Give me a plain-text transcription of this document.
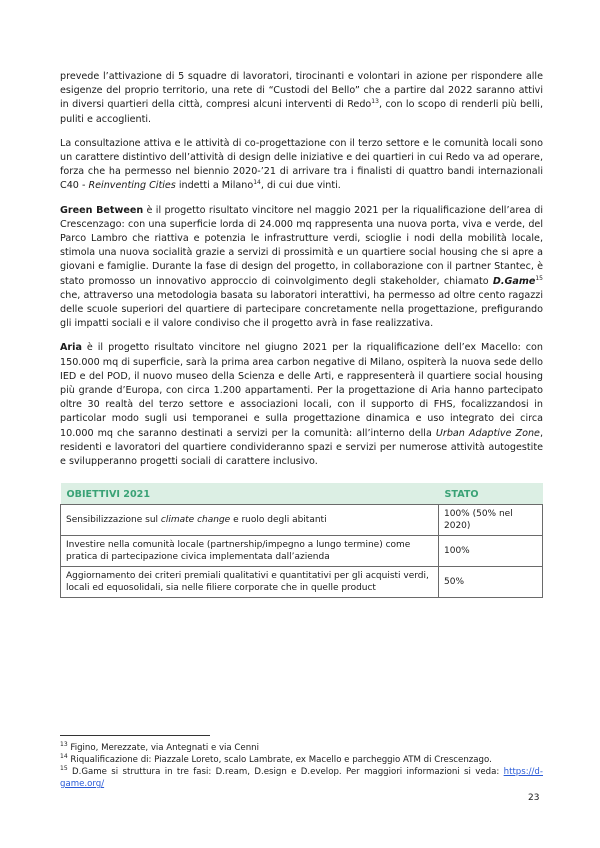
prevede l’attivazione di 5 squadre di lavoratori, tirocinanti e volontari in azione per rispondere alle esigenze del proprio territorio, una rete di “Custodi del Bello” che a partire dal 2022 saranno attivi in diversi quartieri della città, compresi alcuni interventi di Redo$^{13}$, con lo scopo di renderli più belli, puliti e accoglienti.

La consultazione attiva e le attività di co-progettazione con il terzo settore e le comunità locali sono un carattere distintivo dell’attività di design delle iniziative e dei quartieri in cui Redo va ad operare, forza che ha permesso nel biennio 2020-’21 di arrivare tra i finalisti di quattro bandi internazionali C40 - Reinventing Cities indetti a Milano$^{14}$, di cui due vinti.

Green Between è il progetto risultato vincitore nel maggio 2021 per la riqualificazione dell’area di Crescenzago: con una superficie lorda di 24.000 mq rappresenta una nuova porta, viva e verde, del Parco Lambro che riattiva e potenzia le infrastrutture verdi, scioglie i nodi della mobilità locale, stimola una nuova socialità grazie a servizi di prossimità e un quartiere social housing che si apre a giovani e famiglie. Durante la fase di design del progetto, in collaborazione con il partner Stantec, è stato promosso un innovativo approccio di coinvolgimento degli stakeholder, chiamato D.Game$^{15}$ che, attraverso una metodologia basata su laboratori interattivi, ha permesso ad oltre cento ragazzi delle scuole superiori del quartiere di partecipare concretamente nella progettazione, prefigurando gli impatti sociali e il valore condiviso che il progetto avrà in fase realizzativa.

Aria è il progetto risultato vincitore nel giugno 2021 per la riqualificazione dell’ex Macello: con 150.000 mq di superficie, sarà la prima area carbon negative di Milano, ospiterà la nuova sede dello IED e del POD, il nuovo museo della Scienza e delle Arti, e rappresenterà il quartiere social housing più grande d’Europa, con circa 1.200 appartamenti. Per la progettazione di Aria hanno partecipato oltre 30 realtà del terzo settore e associazioni locali, con il supporto di FHS, focalizzandosi in particolar modo sugli usi temporanei e sulla progettazione dinamica e uso integrato dei circa 10.000 mq che saranno destinati a servizi per la comunità: all’interno della Urban Adaptive Zone, residenti e lavoratori del quartiere condivideranno spazi e servizi per numerose attività autogestite e svilupperanno progetti sociali di carattere inclusivo.

OBIETTIVI 2021	STATO
Sensibilizzazione sul climate change e ruolo degli abitanti	100% (50% nel 2020)
Investire nella comunità locale (partnership/impegno a lungo termine) come pratica di partecipazione civica implementata dall’azienda	100%
Aggiornamento dei criteri premiali qualitativi e quantitativi per gli acquisti verdi, locali ed equosolidali, sia nelle filiere corporate che in quelle product	50%

$^{13}$ Figino, Merezzate, via Antegnati e via Cenni

$^{14}$ Riqualificazione di: Piazzale Loreto, scalo Lambrate, ex Macello e parcheggio ATM di Crescenzago.

$^{15}$ D.Game si struttura in tre fasi: D.ream, D.esign e D.evelop. Per maggiori informazioni si veda: https://d-game.org/

23
